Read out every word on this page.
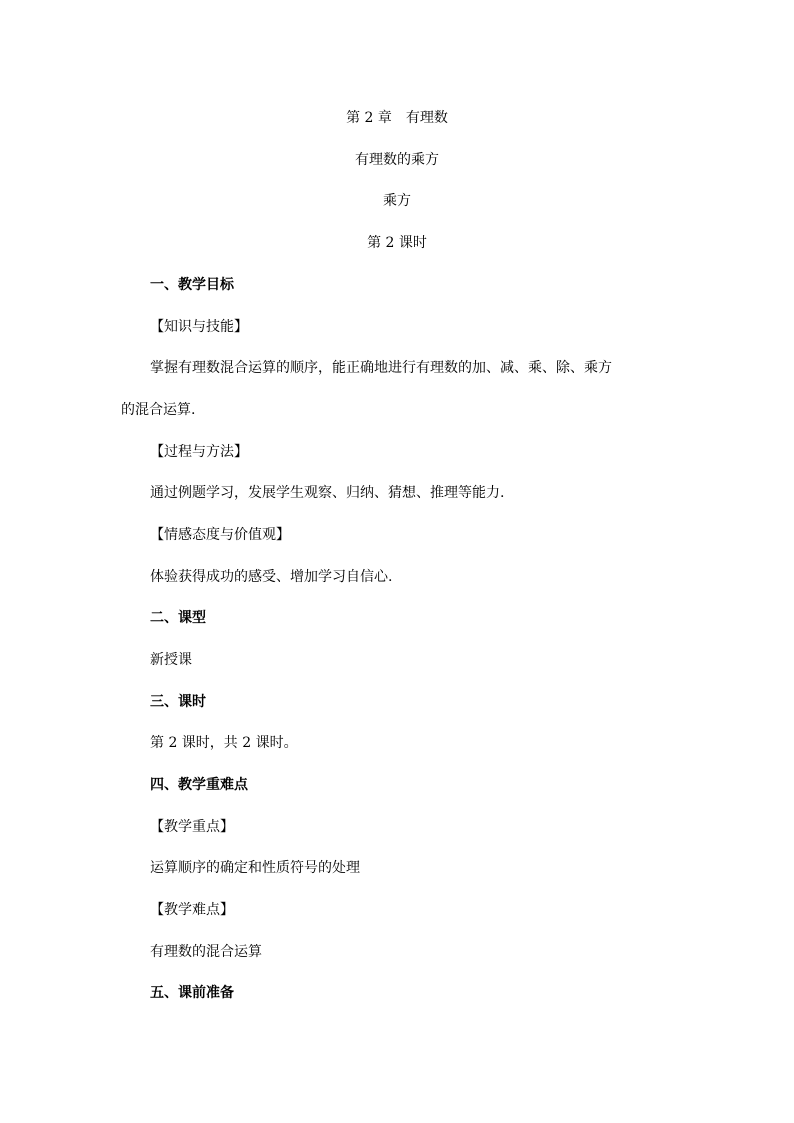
第 2 章 有理数
有理数的乘方
乘方
第 2 课时
一、教学目标
【知识与技能】
掌握有理数混合运算的顺序，能正确地进行有理数的加、减、乘、除、乘方
的混合运算.
【过程与方法】
通过例题学习，发展学生观察、归纳、猜想、推理等能力.
【情感态度与价值观】
体验获得成功的感受、增加学习自信心.
二、课型
新授课
三、课时
第 2 课时，共 2 课时。
四、教学重难点
【教学重点】
运算顺序的确定和性质符号的处理
【教学难点】
有理数的混合运算
五、课前准备
